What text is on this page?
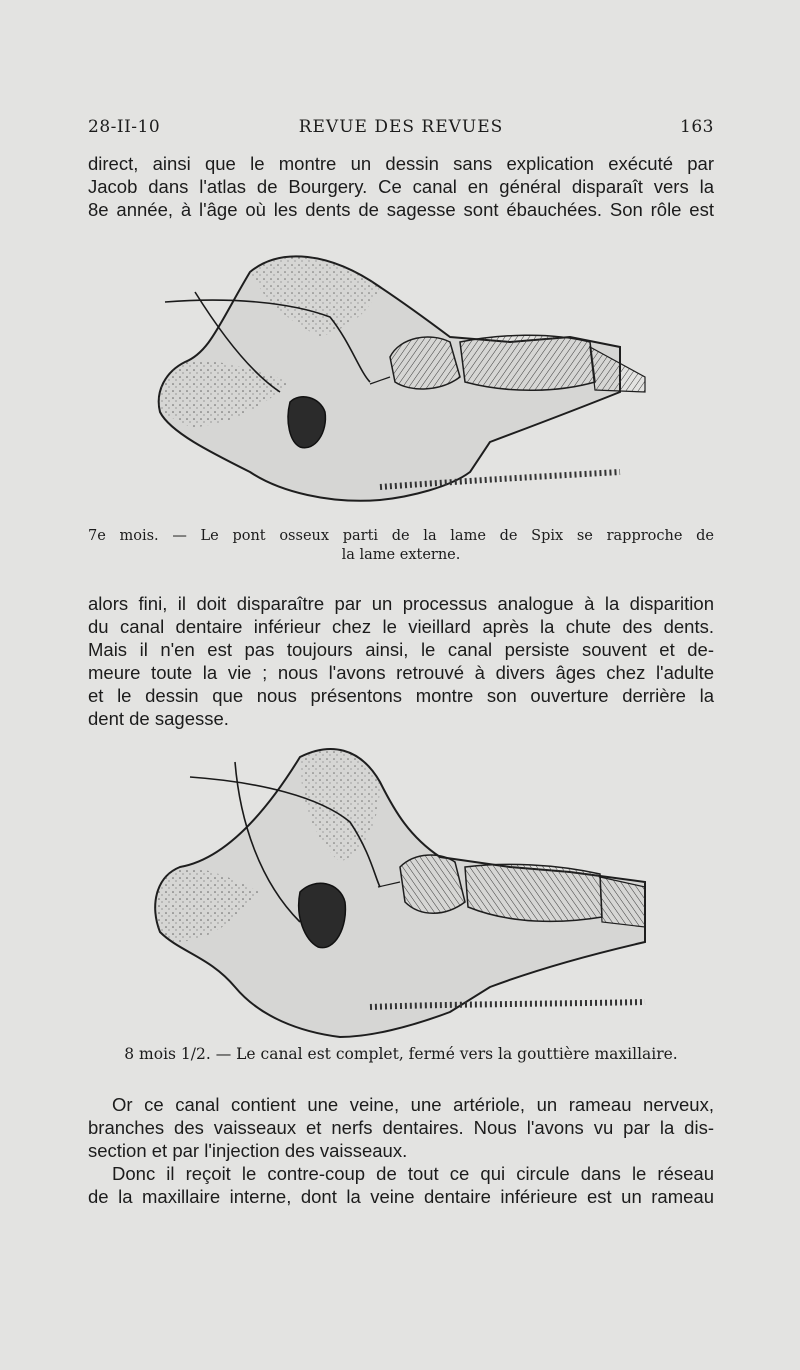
28-II-10	REVUE DES REVUES	163
direct, ainsi que le montre un dessin sans explication exécuté par
Jacob dans l'atlas de Bourgery. Ce canal en général disparaît vers la
8e année, à l'âge où les dents de sagesse sont ébauchées. Son rôle est
7e mois. — Le pont osseux parti de la lame de Spix se rapproche de
la lame externe.
alors fini, il doit disparaître par un processus analogue à la disparition
du canal dentaire inférieur chez le vieillard après la chute des dents.
Mais il n'en est pas toujours ainsi, le canal persiste souvent et de-
meure toute la vie ; nous l'avons retrouvé à divers âges chez l'adulte
et le dessin que nous présentons montre son ouverture derrière la
dent de sagesse.
8 mois 1/2. — Le canal est complet, fermé vers la gouttière maxillaire.
Or ce canal contient une veine, une artériole, un rameau nerveux,
branches des vaisseaux et nerfs dentaires. Nous l'avons vu par la dis-
section et par l'injection des vaisseaux.
Donc il reçoit le contre-coup de tout ce qui circule dans le réseau
de la maxillaire interne, dont la veine dentaire inférieure est un rameau
